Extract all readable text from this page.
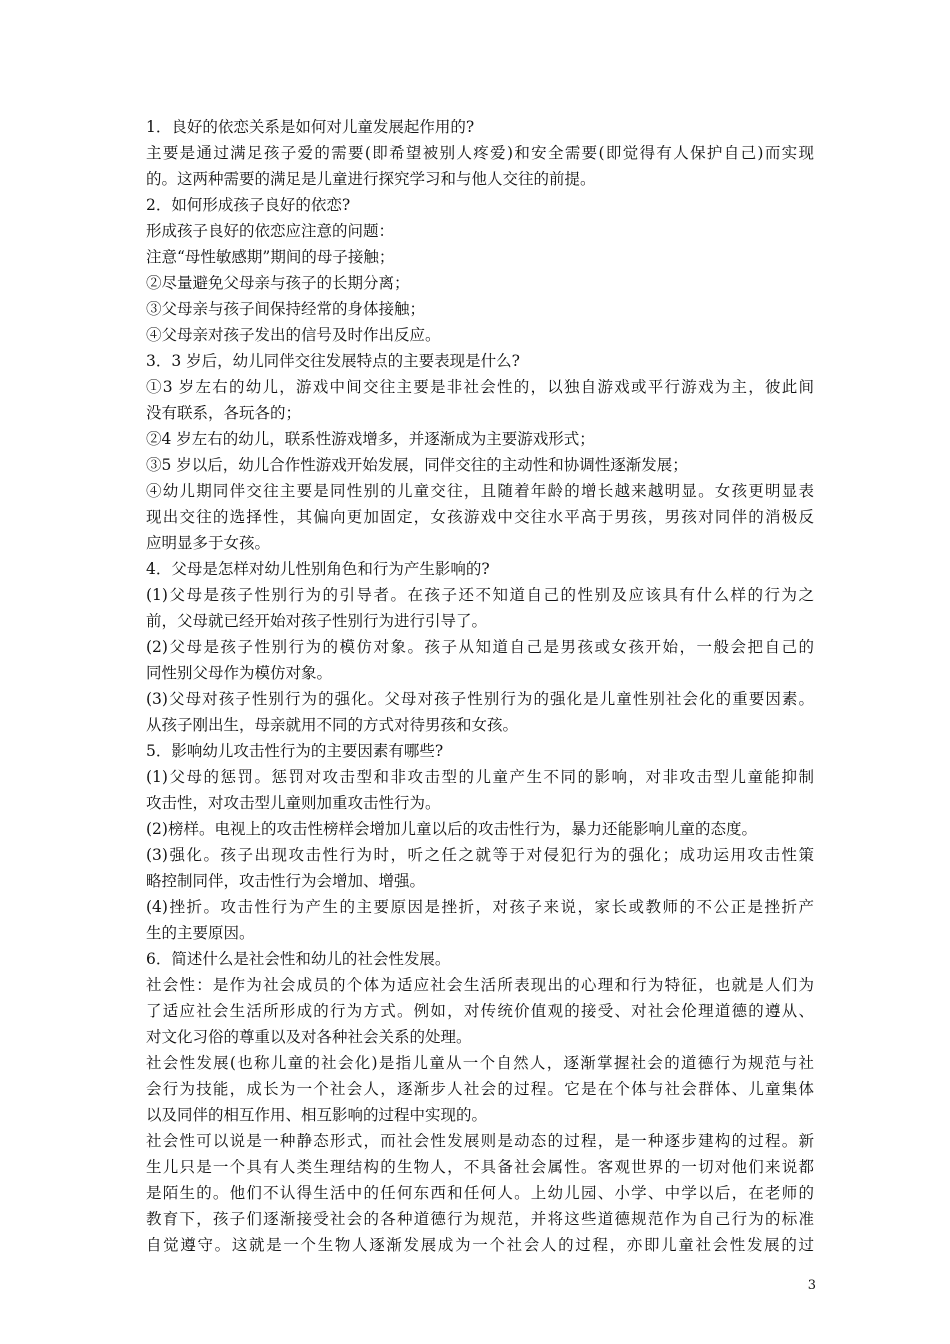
1．良好的依恋关系是如何对儿童发展起作用的?
主要是通过满足孩子爱的需要(即希望被别人疼爱)和安全需要(即觉得有人保护自己)而实现
的。这两种需要的满足是儿童进行探究学习和与他人交往的前提。
2．如何形成孩子良好的依恋?
形成孩子良好的依恋应注意的问题：
注意“母性敏感期”期间的母子接触；
②尽量避免父母亲与孩子的长期分离；
③父母亲与孩子间保持经常的身体接触；
④父母亲对孩子发出的信号及时作出反应。
3．3 岁后，幼儿同伴交往发展特点的主要表现是什么?
①3 岁左右的幼儿，游戏中间交往主要是非社会性的，以独自游戏或平行游戏为主，彼此间
没有联系，各玩各的；
②4 岁左右的幼儿，联系性游戏增多，并逐渐成为主要游戏形式；
③5 岁以后，幼儿合作性游戏开始发展，同伴交往的主动性和协调性逐渐发展；
④幼儿期同伴交往主要是同性别的儿童交往，且随着年龄的增长越来越明显。女孩更明显表
现出交往的选择性，其偏向更加固定，女孩游戏中交往水平高于男孩，男孩对同伴的消极反
应明显多于女孩。
4．父母是怎样对幼儿性别角色和行为产生影响的?
(1)父母是孩子性别行为的引导者。在孩子还不知道自己的性别及应该具有什么样的行为之
前，父母就已经开始对孩子性别行为进行引导了。
(2)父母是孩子性别行为的模仿对象。孩子从知道自己是男孩或女孩开始，一般会把自己的
同性别父母作为模仿对象。
(3)父母对孩子性别行为的强化。父母对孩子性别行为的强化是儿童性别社会化的重要因素。
从孩子刚出生，母亲就用不同的方式对待男孩和女孩。
5．影响幼儿攻击性行为的主要因素有哪些?
(1)父母的惩罚。惩罚对攻击型和非攻击型的儿童产生不同的影响，对非攻击型儿童能抑制
攻击性，对攻击型儿童则加重攻击性行为。
(2)榜样。电视上的攻击性榜样会增加儿童以后的攻击性行为，暴力还能影响儿童的态度。
(3)强化。孩子出现攻击性行为时，听之任之就等于对侵犯行为的强化；成功运用攻击性策
略控制同伴，攻击性行为会增加、增强。
(4)挫折。攻击性行为产生的主要原因是挫折，对孩子来说，家长或教师的不公正是挫折产
生的主要原因。
6．简述什么是社会性和幼儿的社会性发展。
社会性：是作为社会成员的个体为适应社会生活所表现出的心理和行为特征，也就是人们为
了适应社会生活所形成的行为方式。例如，对传统价值观的接受、对社会伦理道德的遵从、
对文化习俗的尊重以及对各种社会关系的处理。
社会性发展(也称儿童的社会化)是指儿童从一个自然人，逐渐掌握社会的道德行为规范与社
会行为技能，成长为一个社会人，逐渐步人社会的过程。它是在个体与社会群体、儿童集体
以及同伴的相互作用、相互影响的过程中实现的。
社会性可以说是一种静态形式，而社会性发展则是动态的过程，是一种逐步建构的过程。新
生儿只是一个具有人类生理结构的生物人，不具备社会属性。客观世界的一切对他们来说都
是陌生的。他们不认得生活中的任何东西和任何人。上幼儿园、小学、中学以后，在老师的
教育下，孩子们逐渐接受社会的各种道德行为规范，并将这些道德规范作为自己行为的标准
自觉遵守。这就是一个生物人逐渐发展成为一个社会人的过程，亦即儿童社会性发展的过
3
